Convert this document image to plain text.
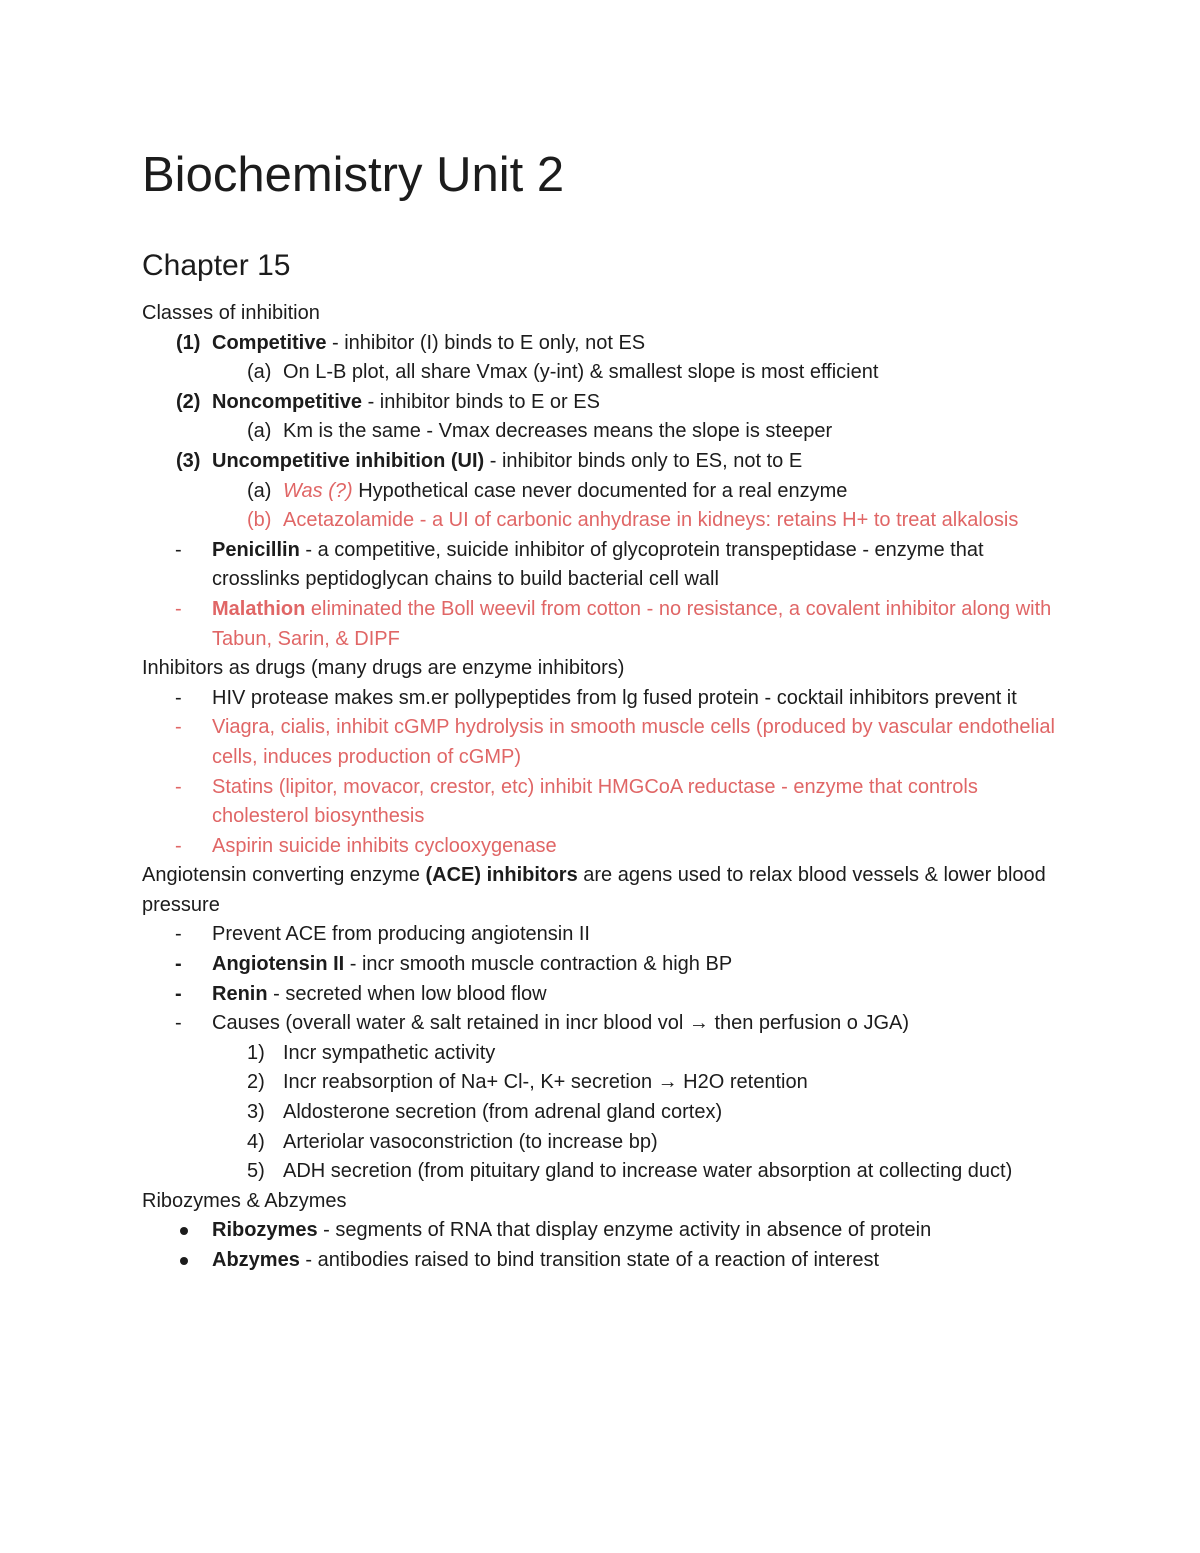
Biochemistry Unit 2
Chapter 15
Classes of inhibition
(1) Competitive - inhibitor (I) binds to E only, not ES
(a) On L-B plot, all share Vmax (y-int) & smallest slope is most efficient
(2) Noncompetitive - inhibitor binds to E or ES
(a) Km is the same - Vmax decreases means the slope is steeper
(3) Uncompetitive inhibition (UI) - inhibitor binds only to ES, not to E
(a) Was (?) Hypothetical case never documented for a real enzyme
(b) Acetazolamide - a UI of carbonic anhydrase in kidneys: retains H+ to treat alkalosis
- Penicillin - a competitive, suicide inhibitor of glycoprotein transpeptidase - enzyme that crosslinks peptidoglycan chains to build bacterial cell wall
- Malathion eliminated the Boll weevil from cotton - no resistance, a covalent inhibitor along with Tabun, Sarin, & DIPF
Inhibitors as drugs (many drugs are enzyme inhibitors)
- HIV protease makes sm.er pollypeptides from lg fused protein - cocktail inhibitors prevent it
- Viagra, cialis, inhibit cGMP hydrolysis in smooth muscle cells (produced by vascular endothelial cells, induces production of cGMP)
- Statins (lipitor, movacor, crestor, etc) inhibit HMGCoA reductase - enzyme that controls cholesterol biosynthesis
- Aspirin suicide inhibits cyclooxygenase
Angiotensin converting enzyme (ACE) inhibitors are agens used to relax blood vessels & lower blood pressure
- Prevent ACE from producing angiotensin II
- Angiotensin II - incr smooth muscle contraction & high BP
- Renin - secreted when low blood flow
- Causes (overall water & salt retained in incr blood vol → then perfusion o JGA)
1) Incr sympathetic activity
2) Incr reabsorption of Na+ Cl-, K+ secretion → H2O retention
3) Aldosterone secretion (from adrenal gland cortex)
4) Arteriolar vasoconstriction (to increase bp)
5) ADH secretion (from pituitary gland to increase water absorption at collecting duct)
Ribozymes & Abzymes
Ribozymes - segments of RNA that display enzyme activity in absence of protein
Abzymes - antibodies raised to bind transition state of a reaction of interest
